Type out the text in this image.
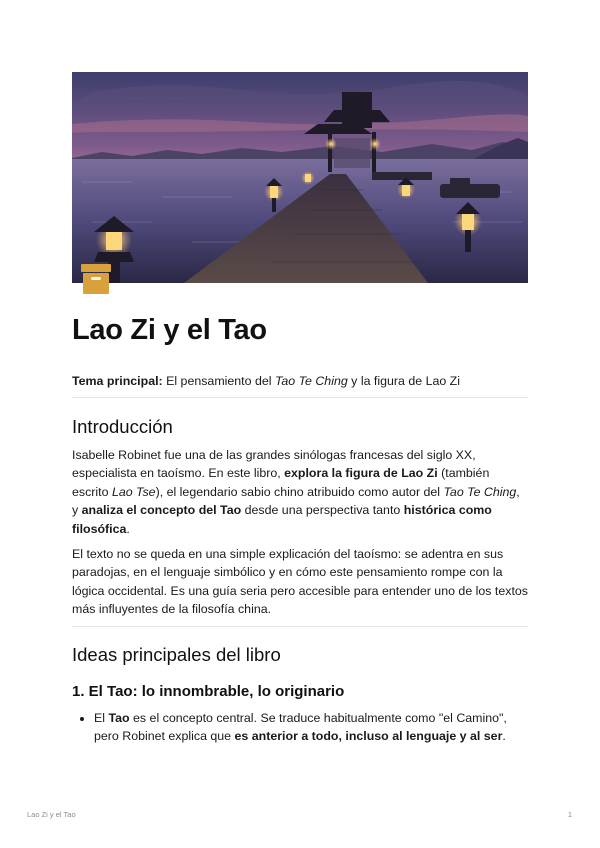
Lao Zi y el Tao
Tema principal: El pensamiento del Tao Te Ching y la figura de Lao Zi
Introducción

Isabelle Robinet fue una de las grandes sinólogas francesas del siglo XX, especialista en taoísmo. En este libro, explora la figura de Lao Zi (también escrito Lao Tse), el legendario sabio chino atribuido como autor del Tao Te Ching, y analiza el concepto del Tao desde una perspectiva tanto histórica como filosófica.

El texto no se queda en una simple explicación del taoísmo: se adentra en sus paradojas, en el lenguaje simbólico y en cómo este pensamiento rompe con la lógica occidental. Es una guía seria pero accesible para entender uno de los textos más influyentes de la filosofía china.

Ideas principales del libro
1. El Tao: lo innombrable, lo originario
• El Tao es el concepto central. Se traduce habitualmente como "el Camino", pero Robinet explica que es anterior a todo, incluso al lenguaje y al ser.
Lao Zi y el Tao	1
